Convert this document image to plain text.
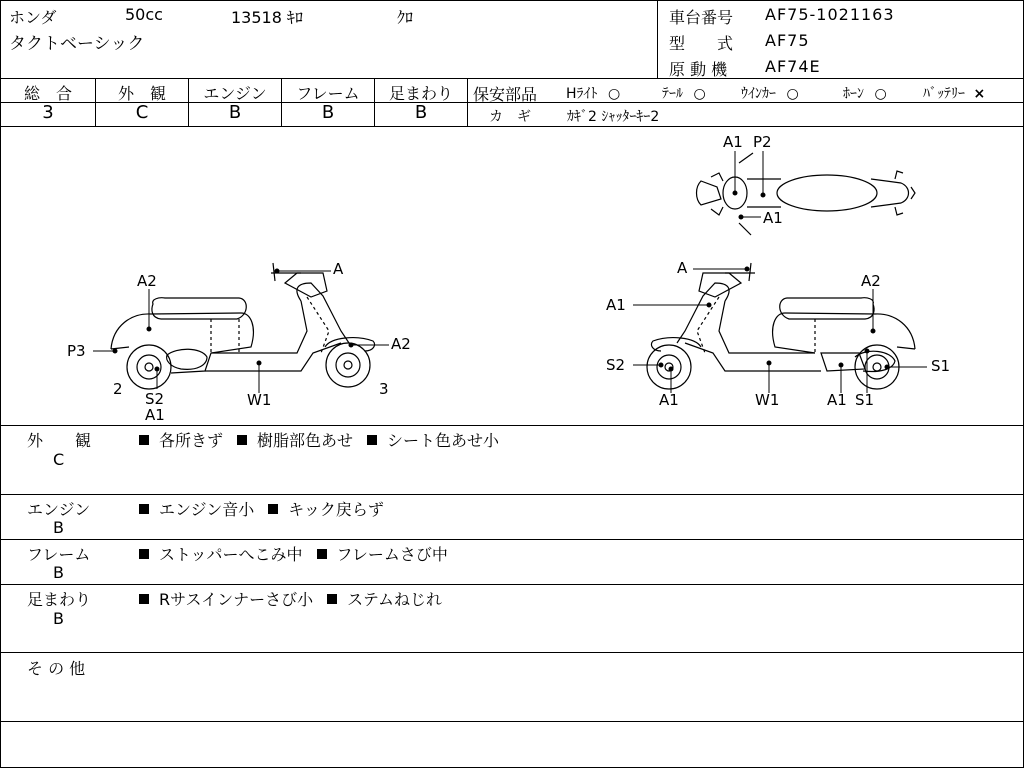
ホンダ	50cc	13518 ｷﾛ	ｸﾛ
タクトベーシック
車台番号 AF75-1021163
型　　式 AF75
原 動 機 AF74E
総　合	外　観	エンジン	フレーム	足まわり
3	C	B	B	B
保安部品 Hﾗｲﾄ ○	ﾃｰﾙ ○	ｳｲﾝｶｰ ○	ﾎｰﾝ ○	ﾊﾞｯﾃﾘｰ ×
カ　ギ	ｶｷﾞ2 ｼｬｯﾀｰｷｰ2
A2
A
A2
P3
2
S2
A1
W1
3
A
A2
A1
S2
A1	W1	A1 S1
S1
A1 P2
A1
外　　観
C
各所きず	樹脂部色あせ	シート色あせ小
エンジン
B
エンジン音小	キック戻らず
フレーム
B
ストッパーへこみ中	フレームさび中
足まわり
B
Rサスインナーさび小	ステムねじれ
そ の 他
